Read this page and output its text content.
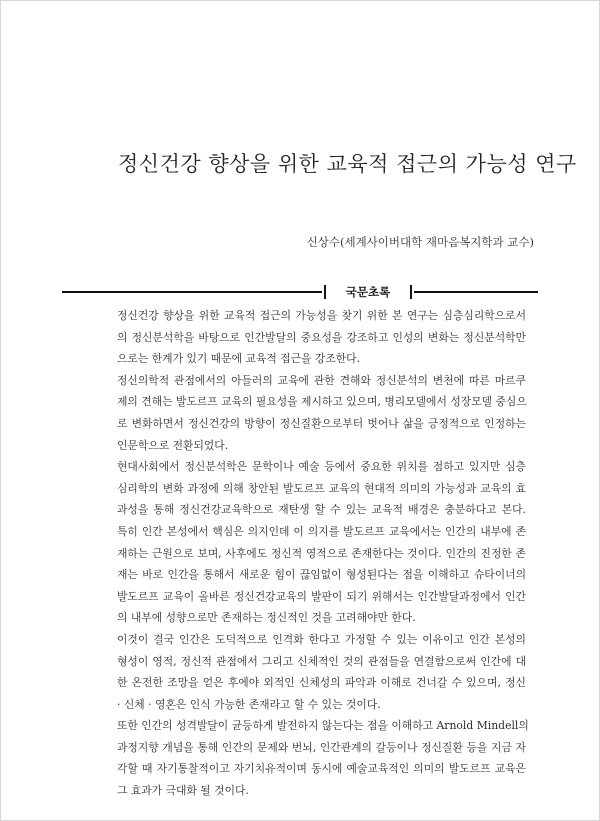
정신건강 향상을 위한 교육적 접근의 가능성 연구
신상수(세계사이버대학 재마음복지학과 교수)
국문초록
정신건강 향상을 위한 교육적 접근의 가능성을 찾기 위한 본 연구는 심층심리학으로서
의 정신분석학을 바탕으로 인간발달의 중요성을 강조하고 인성의 변화는 정신분석학만
으로는 한계가 있기 때문에 교육적 접근을 강조한다.
정신의학적 관점에서의 아들러의 교육에 관한 견해와 정신분석의 변천에 따른 마르쿠
제의 견해는 발도르프 교육의 필요성을 제시하고 있으며, 병리모델에서 성장모델 중심으
로 변화하면서 정신건강의 방향이 정신질환으로부터 벗어나 삶을 긍정적으로 인정하는
인문학으로 전환되었다.
현대사회에서 정신분석학은 문학이나 예술 등에서 중요한 위치를 점하고 있지만 심층
심리학의 변화 과정에 의해 창안된 발도르프 교육의 현대적 의미의 가능성과 교육의 효
과성을 통해 정신건강교육학으로 재탄생 할 수 있는 교육적 배경은 충분하다고 본다.
특히 인간 본성에서 핵심은 의지인데 이 의지를 발도르프 교육에서는 인간의 내부에 존
재하는 근원으로 보며, 사후에도 정신적 영적으로 존재한다는 것이다. 인간의 진정한 존
재는 바로 인간을 통해서 새로운 힘이 끊임없이 형성된다는 점을 이해하고 슈타이너의
발도르프 교육이 올바른 정신건강교육의 발판이 되기 위해서는 인간발달과정에서 인간
의 내부에 성향으로만 존재하는 정신적인 것을 고려해야만 한다.
이것이 결국 인간은 도덕적으로 인격화 한다고 가정할 수 있는 이유이고 인간 본성의
형성이 영적, 정신적 관점에서 그리고 신체적인 것의 관점들을 연결함으로써 인간에 대
한 온전한 조망을 얻은 후에야 외적인 신체성의 파악과 이해로 건너갈 수 있으며, 정신
· 신체 · 영혼은 인식 가능한 존재라고 할 수 있는 것이다.
또한 인간의 성격발달이 균등하게 발전하지 않는다는 점을 이해하고 Arnold Mindell의
과정지향 개념을 통해 인간의 문제와 번뇌, 인간관계의 갈등이나 정신질환 등을 지금 자
각할 때 자기통찰적이고 자기치유적이며 동시에 예술교육적인 의미의 발도르프 교육은
그 효과가 극대화 될 것이다.
